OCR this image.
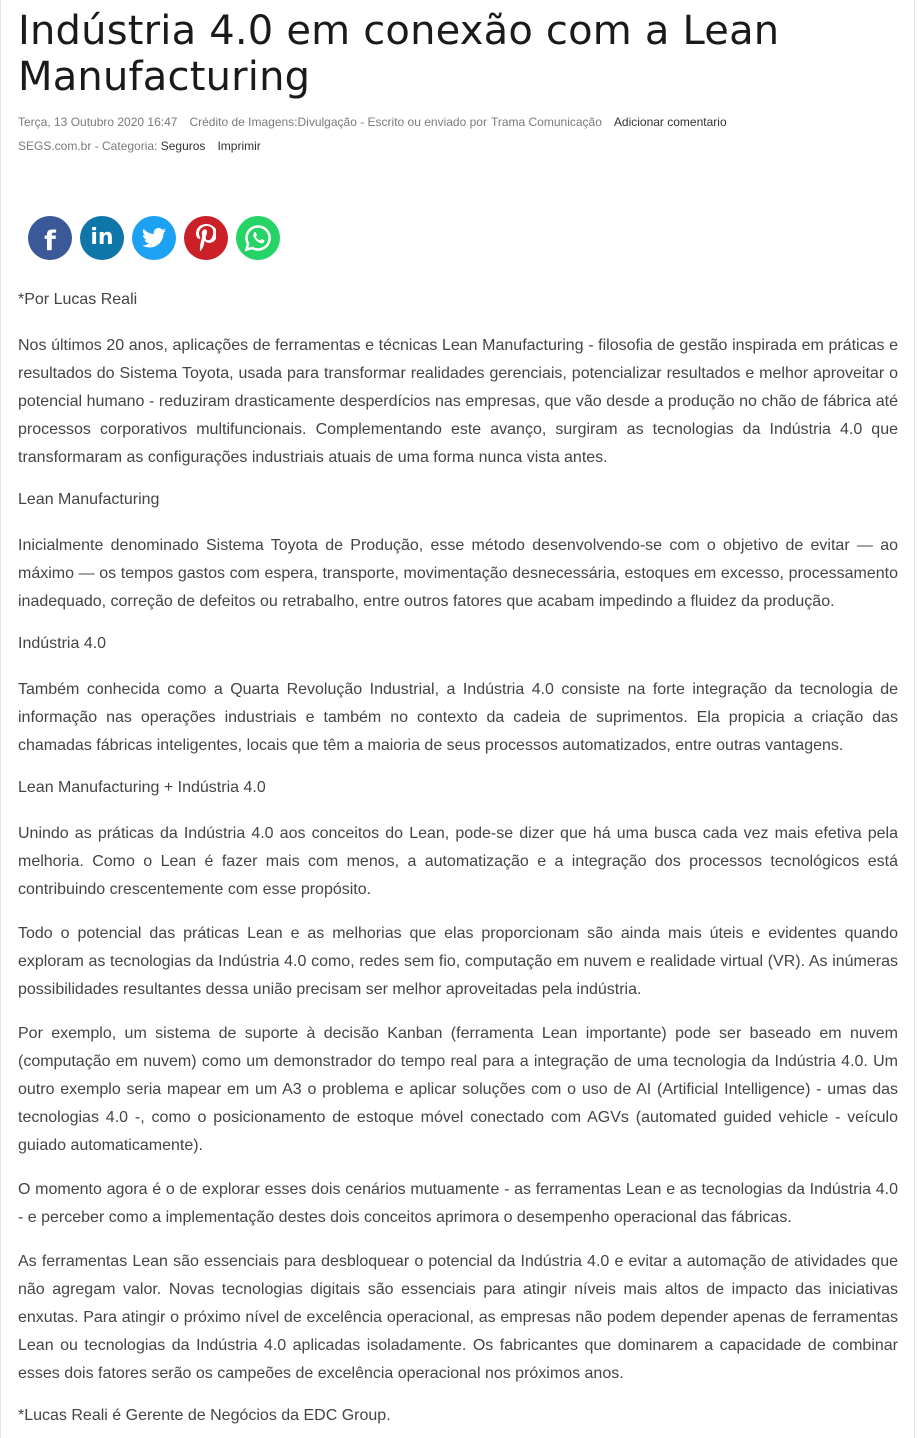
Indústria 4.0 em conexão com a Lean Manufacturing
Terça, 13 Outubro 2020 16:47 Crédito de Imagens:Divulgação - Escrito ou enviado por Trama Comunicação Adicionar comentario
SEGS.com.br - Categoria: Seguros Imprimir
f in

*Por Lucas Reali

Nos últimos 20 anos, aplicações de ferramentas e técnicas Lean Manufacturing - filosofia de gestão inspirada em práticas e resultados do Sistema Toyota, usada para transformar realidades gerenciais, potencializar resultados e melhor aproveitar o potencial humano - reduziram drasticamente desperdícios nas empresas, que vão desde a produção no chão de fábrica até processos corporativos multifuncionais. Complementando este avanço, surgiram as tecnologias da Indústria 4.0 que transformaram as configurações industriais atuais de uma forma nunca vista antes.

Lean Manufacturing

Inicialmente denominado Sistema Toyota de Produção, esse método desenvolvendo-se com o objetivo de evitar — ao máximo — os tempos gastos com espera, transporte, movimentação desnecessária, estoques em excesso, processamento inadequado, correção de defeitos ou retrabalho, entre outros fatores que acabam impedindo a fluidez da produção.

Indústria 4.0

Também conhecida como a Quarta Revolução Industrial, a Indústria 4.0 consiste na forte integração da tecnologia de informação nas operações industriais e também no contexto da cadeia de suprimentos. Ela propicia a criação das chamadas fábricas inteligentes, locais que têm a maioria de seus processos automatizados, entre outras vantagens.

Lean Manufacturing + Indústria 4.0

Unindo as práticas da Indústria 4.0 aos conceitos do Lean, pode-se dizer que há uma busca cada vez mais efetiva pela melhoria. Como o Lean é fazer mais com menos, a automatização e a integração dos processos tecnológicos está contribuindo crescentemente com esse propósito.

Todo o potencial das práticas Lean e as melhorias que elas proporcionam são ainda mais úteis e evidentes quando exploram as tecnologias da Indústria 4.0 como, redes sem fio, computação em nuvem e realidade virtual (VR). As inúmeras possibilidades resultantes dessa união precisam ser melhor aproveitadas pela indústria.

Por exemplo, um sistema de suporte à decisão Kanban (ferramenta Lean importante) pode ser baseado em nuvem (computação em nuvem) como um demonstrador do tempo real para a integração de uma tecnologia da Indústria 4.0. Um outro exemplo seria mapear em um A3 o problema e aplicar soluções com o uso de AI (Artificial Intelligence) - umas das tecnologias 4.0 -, como o posicionamento de estoque móvel conectado com AGVs (automated guided vehicle - veículo guiado automaticamente).

O momento agora é o de explorar esses dois cenários mutuamente - as ferramentas Lean e as tecnologias da Indústria 4.0 - e perceber como a implementação destes dois conceitos aprimora o desempenho operacional das fábricas.

As ferramentas Lean são essenciais para desbloquear o potencial da Indústria 4.0 e evitar a automação de atividades que não agregam valor. Novas tecnologias digitais são essenciais para atingir níveis mais altos de impacto das iniciativas enxutas. Para atingir o próximo nível de excelência operacional, as empresas não podem depender apenas de ferramentas Lean ou tecnologias da Indústria 4.0 aplicadas isoladamente. Os fabricantes que dominarem a capacidade de combinar esses dois fatores serão os campeões de excelência operacional nos próximos anos.

*Lucas Reali é Gerente de Negócios da EDC Group.
